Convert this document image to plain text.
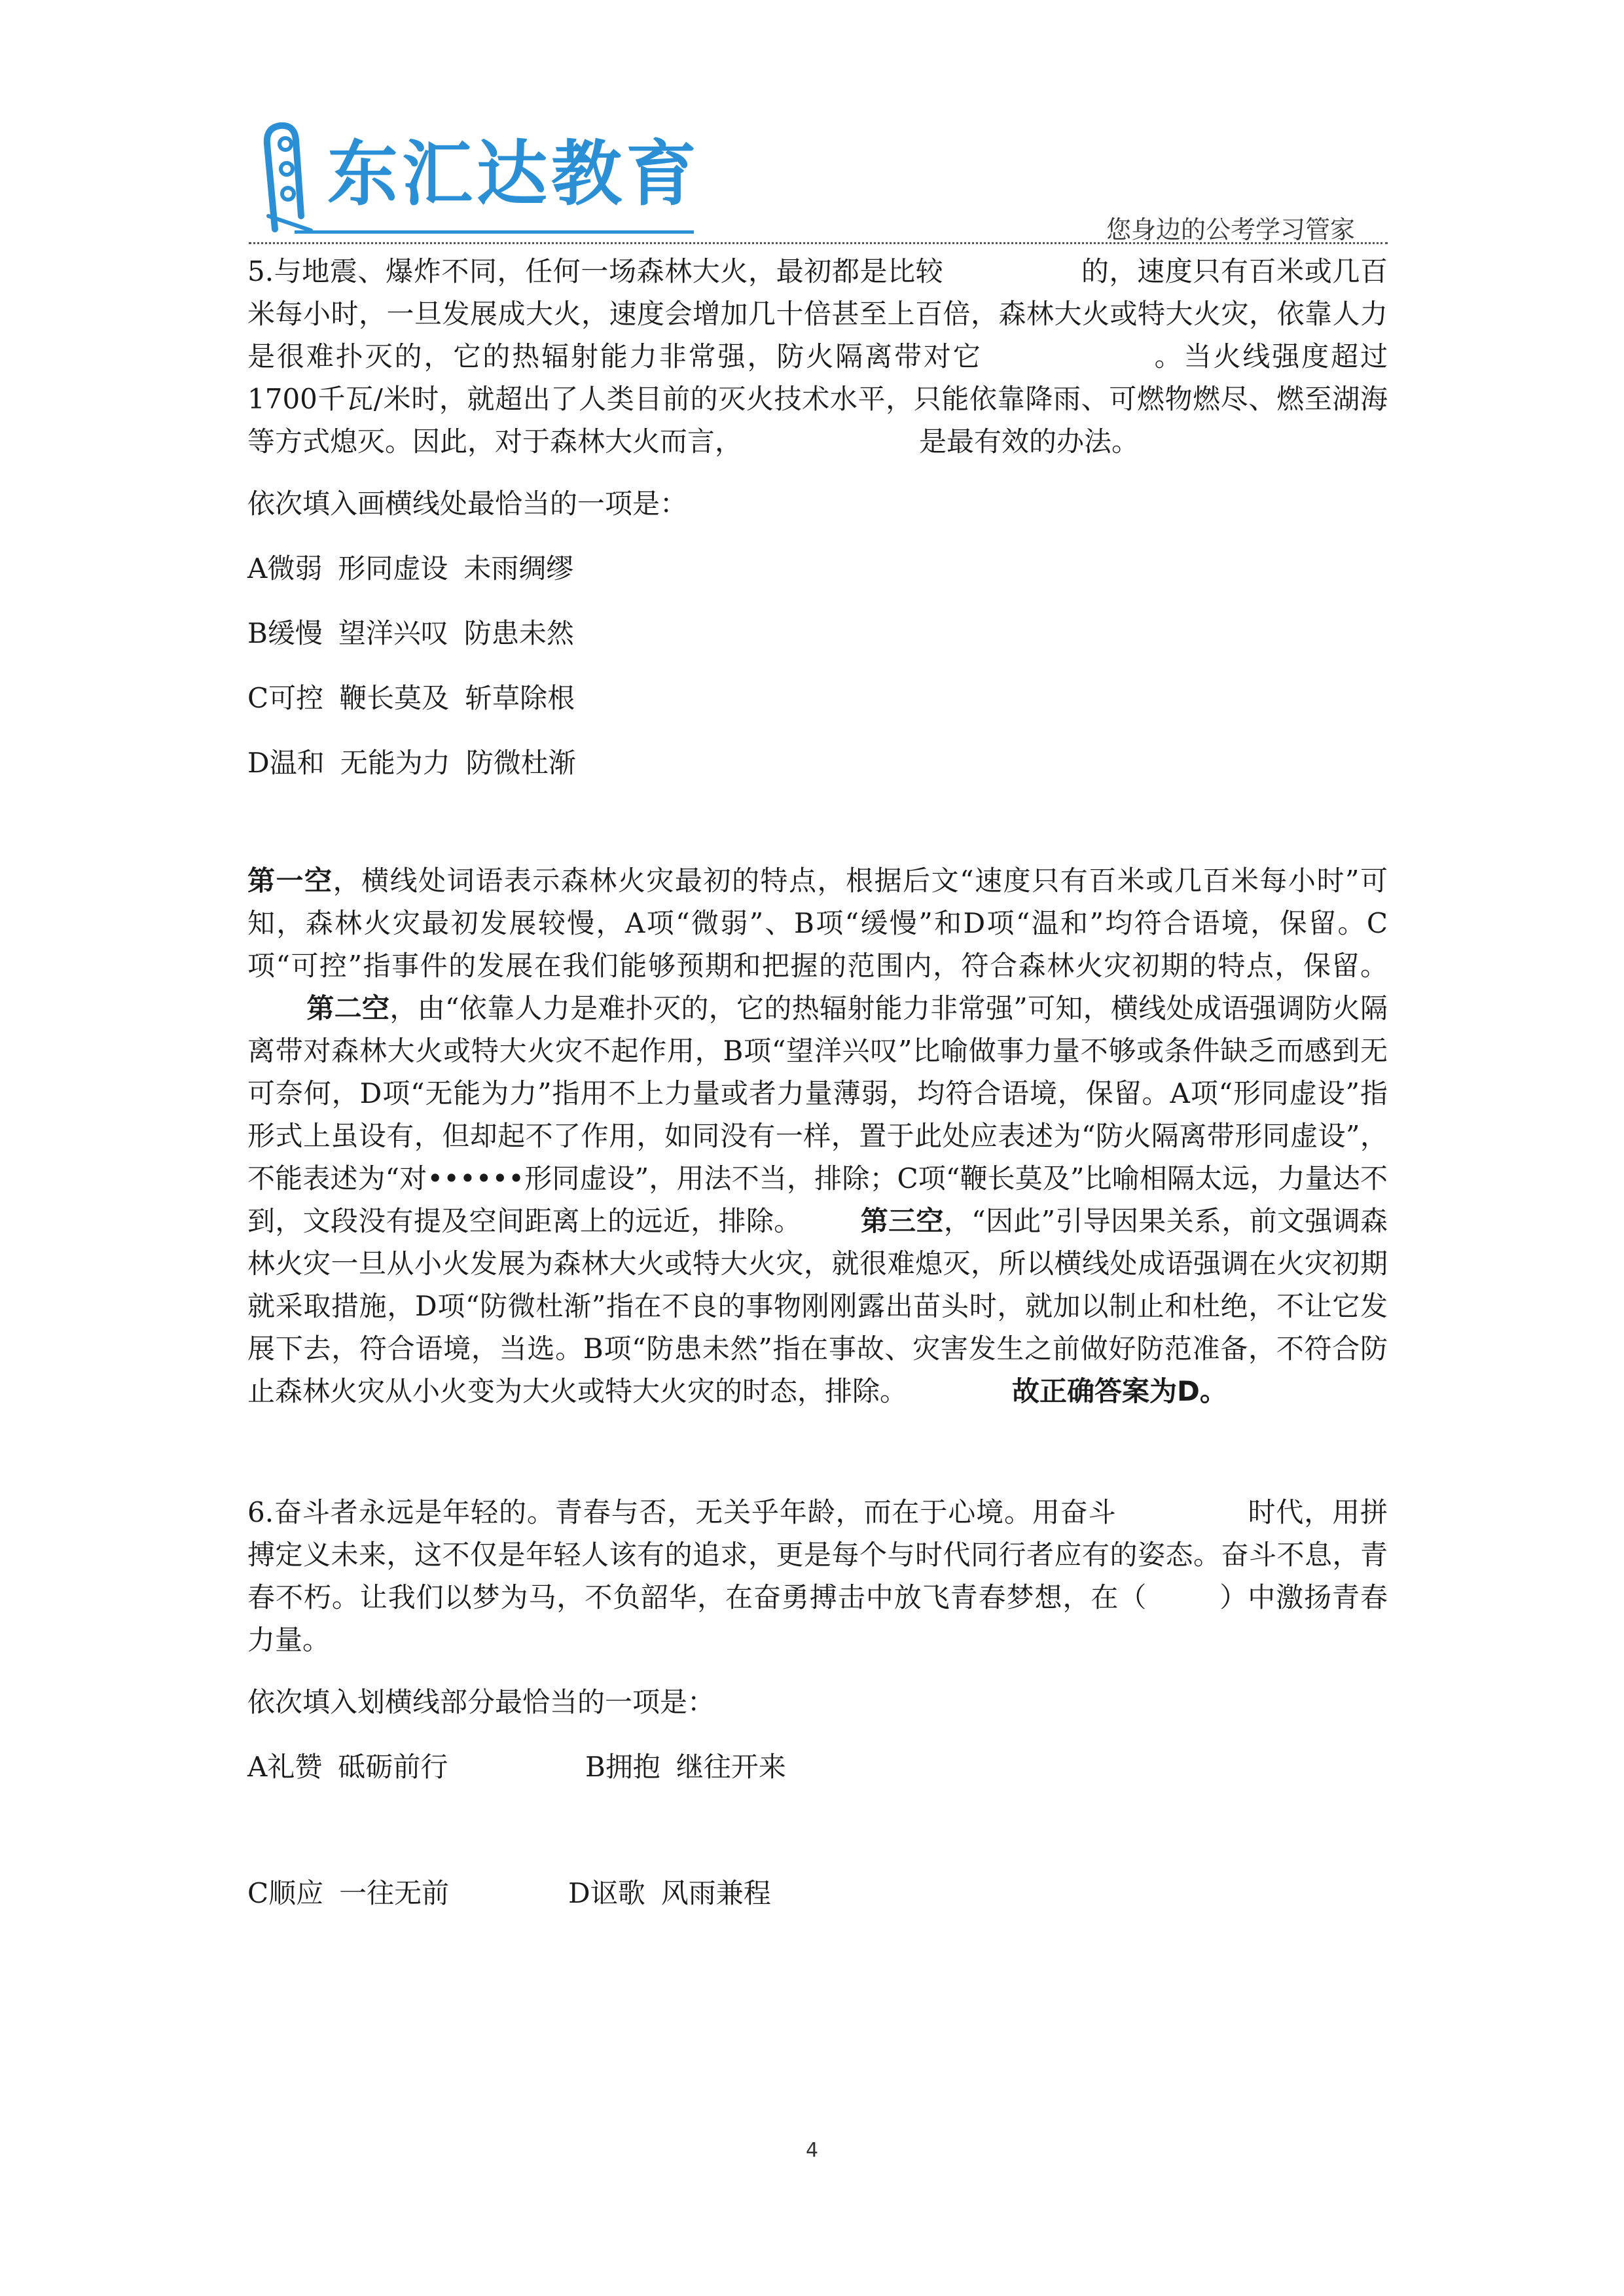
东汇达教育
您身边的公考学习管家

5.与地震、爆炸不同，任何一场森林大火，最初都是比较	的，速度只有百米或几百米每小时，一旦发展成大火，速度会增加几十倍甚至上百倍，森林大火或特大火灾，依靠人力是很难扑灭的，它的热辐射能力非常强，防火隔离带对它	。当火线强度超过1700千瓦/米时，就超出了人类目前的灭火技术水平，只能依靠降雨、可燃物燃尽、燃至湖海等方式熄灭。因此，对于森林大火而言，	是最有效的办法。

依次填入画横线处最恰当的一项是：

A微弱 形同虚设 未雨绸缪

B缓慢 望洋兴叹 防患未然

C可控 鞭长莫及 斩草除根

D温和 无能为力 防微杜渐

第一空，横线处词语表示森林火灾最初的特点，根据后文“速度只有百米或几百米每小时”可知，森林火灾最初发展较慢，A项“微弱”、B项“缓慢”和D项“温和”均符合语境，保留。C项“可控”指事件的发展在我们能够预期和把握的范围内，符合森林火灾初期的特点，保留。第二空，由“依靠人力是难扑灭的，它的热辐射能力非常强”可知，横线处成语强调防火隔离带对森林大火或特大火灾不起作用，B项“望洋兴叹”比喻做事力量不够或条件缺乏而感到无可奈何，D项“无能为力”指用不上力量或者力量薄弱，均符合语境，保留。A项“形同虚设”指形式上虽设有，但却起不了作用，如同没有一样，置于此处应表述为“防火隔离带形同虚设”，不能表述为“对••••••形同虚设”，用法不当，排除；C项“鞭长莫及”比喻相隔太远，力量达不到，文段没有提及空间距离上的远近，排除。 第三空，“因此”引导因果关系，前文强调森林火灾一旦从小火发展为森林大火或特大火灾，就很难熄灭，所以横线处成语强调在火灾初期就采取措施，D项“防微杜渐”指在不良的事物刚刚露出苗头时，就加以制止和杜绝，不让它发展下去，符合语境，当选。B项“防患未然”指在事故、灾害发生之前做好防范准备，不符合防止森林火灾从小火变为大火或特大火灾的时态，排除。	故正确答案为D。

6.奋斗者永远是年轻的。青春与否，无关乎年龄，而在于心境。用奋斗	时代，用拼搏定义未来，这不仅是年轻人该有的追求，更是每个与时代同行者应有的姿态。奋斗不息，青春不朽。让我们以梦为马，不负韶华，在奋勇搏击中放飞青春梦想，在（	）中激扬青春力量。

依次填入划横线部分最恰当的一项是：

A礼赞 砥砺前行	B拥抱 继往开来
C顺应 一往无前	D讴歌 风雨兼程
4
